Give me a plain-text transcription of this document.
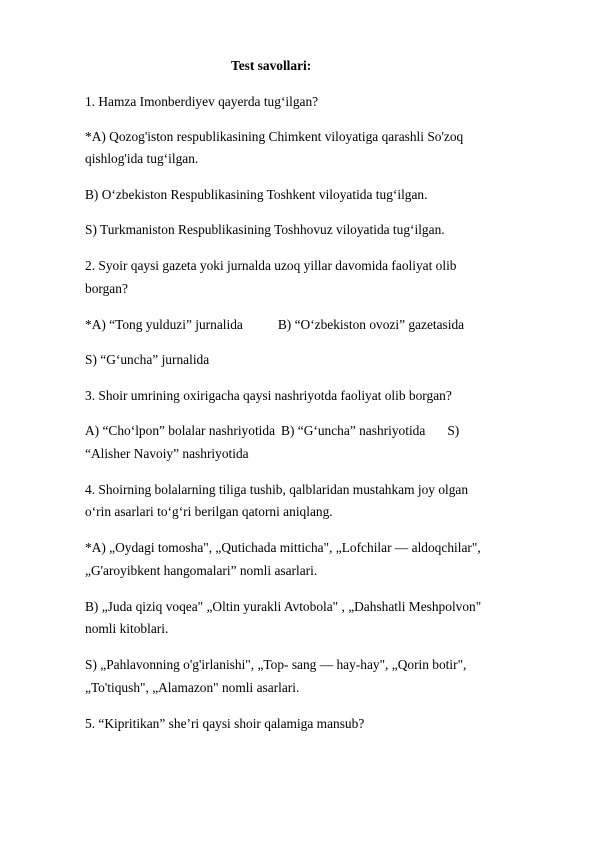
Test savollari:
1. Hamza Imonberdiyev qayerda tug‘ilgan?
*A) Qozog'iston respublikasining Chimkent viloyatiga qarashli So'zoq
qishlog'ida tug‘ilgan.
B) O‘zbekiston Respublikasining Toshkent viloyatida tug‘ilgan.
S) Turkmaniston Respublikasining Toshhovuz viloyatida tug‘ilgan.
2. Syoir qaysi gazeta yoki jurnalda uzoq yillar davomida faoliyat olib
borgan?
*A) “Tong yulduzi” jurnalida	B) “O‘zbekiston ovozi” gazetasida
S) “G‘uncha” jurnalida
3. Shoir umrining oxirigacha qaysi nashriyotda faoliyat olib borgan?
A) “Cho‘lpon” bolalar nashriyotida B) “G‘uncha” nashriyotida S)
“Alisher Navoiy” nashriyotida
4. Shoirning bolalarning tiliga tushib, qalblaridan mustahkam joy olgan
o‘rin asarlari to‘g‘ri berilgan qatorni aniqlang.
*A) „Oydagi tomosha", „Qutichada mitticha", „Lofchilar — aldoqchilar",
„G'aroyibkent hangomalari” nomli asarlari.
B) „Juda qiziq voqea" „Oltin yurakli Avtobola" , „Dahshatli Meshpolvon"
nomli kitoblari.
S) „Pahlavonning o'g'irlanishi", „Top- sang — hay-hay", „Qorin botir",
„To'tiqush", „Alamazon" nomli asarlari.
5. “Kipritikan” she’ri qaysi shoir qalamiga mansub?
